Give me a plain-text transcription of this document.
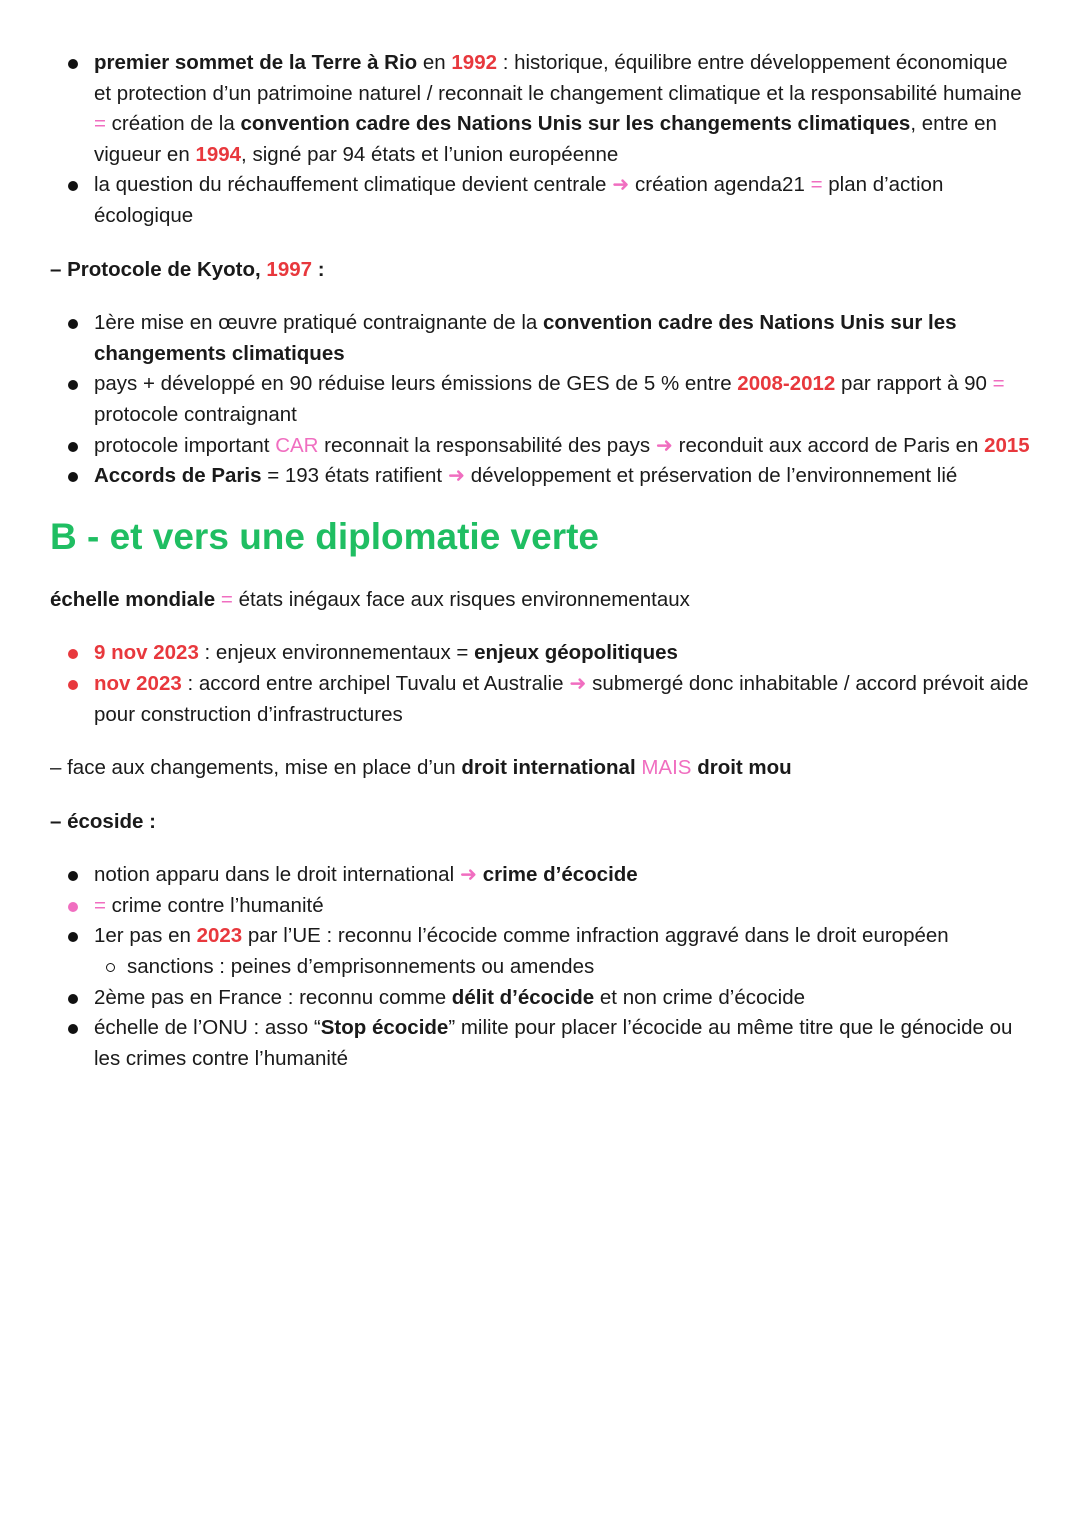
premier sommet de la Terre à Rio en 1992 : historique, équilibre entre développement économique et protection d’un patrimoine naturel / reconnait le changement climatique et la responsabilité humaine = création de la convention cadre des Nations Unis sur les changements climatiques, entre en vigueur en 1994, signé par 94 états et l’union européenne
la question du réchauffement climatique devient centrale ➜ création agenda21 = plan d’action écologique
– Protocole de Kyoto, 1997 :
1ère mise en œuvre pratiqué contraignante de la convention cadre des Nations Unis sur les changements climatiques
pays + développé en 90 réduise leurs émissions de GES de 5 % entre 2008-2012 par rapport à 90 = protocole contraignant
protocole important CAR reconnait la responsabilité des pays ➜ reconduit aux accord de Paris en 2015
Accords de Paris = 193 états ratifient ➜ développement et préservation de l’environnement lié
B - et vers une diplomatie verte
échelle mondiale = états inégaux face aux risques environnementaux
9 nov 2023 : enjeux environnementaux = enjeux géopolitiques
nov 2023 : accord entre archipel Tuvalu et Australie ➜ submergé donc inhabitable / accord prévoit aide pour construction d’infrastructures
– face aux changements, mise en place d’un droit international MAIS droit mou
– écoside :
notion apparu dans le droit international ➜ crime d’écocide
= crime contre l’humanité
1er pas en 2023 par l’UE : reconnu l’écocide comme infraction aggravé dans le droit européen
sanctions : peines d’emprisonnements ou amendes
2ème pas en France : reconnu comme délit d’écocide et non crime d’écocide
échelle de l’ONU : asso “Stop écocide” milite pour placer l’écocide au même titre que le génocide ou les crimes contre l’humanité
